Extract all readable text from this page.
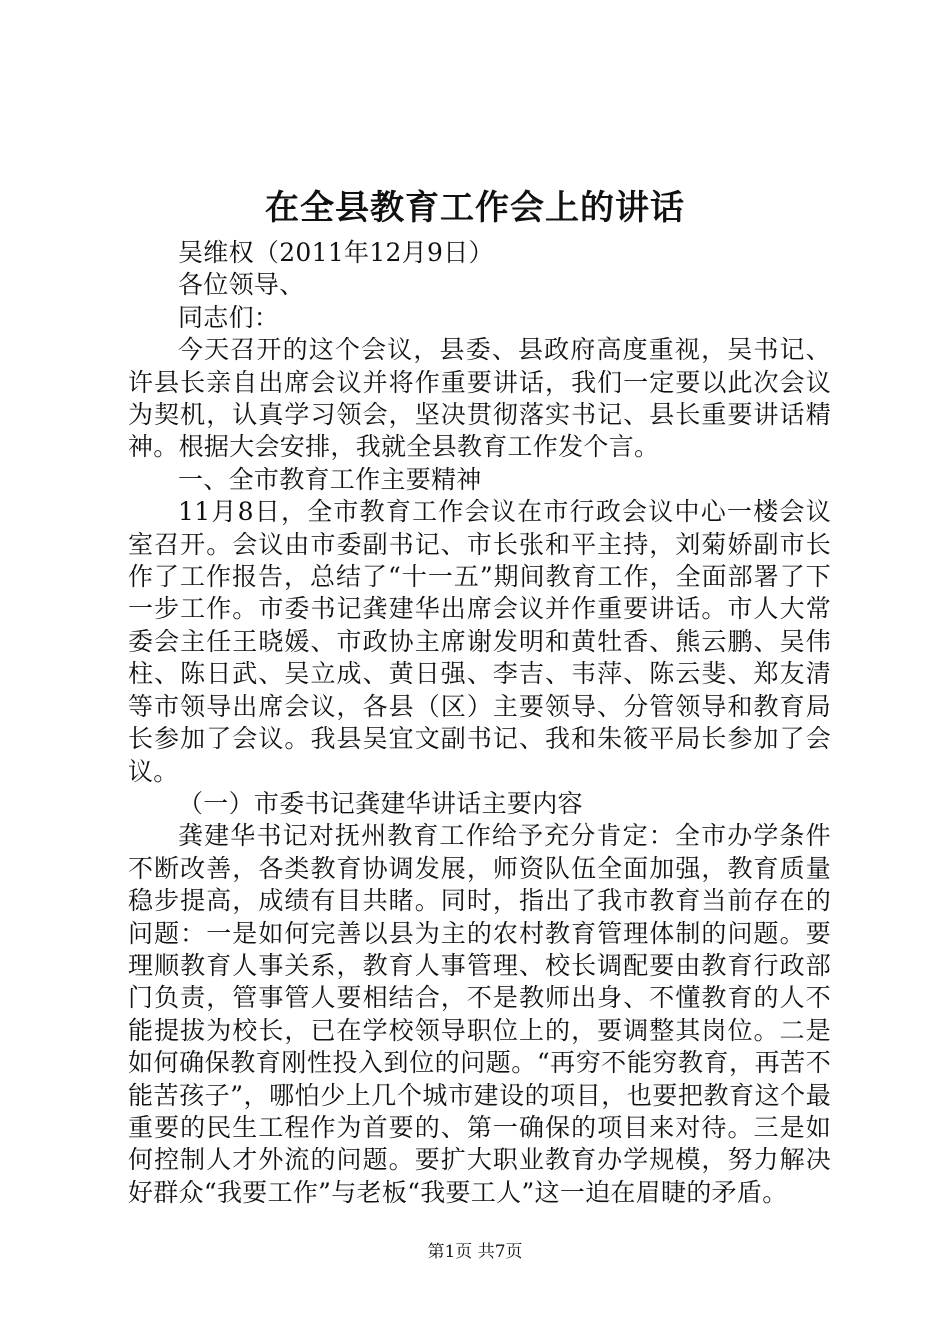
在全县教育工作会上的讲话

吴维权（2011年12月9日）

各位领导、

同志们：

今天召开的这个会议，县委、县政府高度重视，吴书记、许县长亲自出席会议并将作重要讲话，我们一定要以此次会议为契机，认真学习领会，坚决贯彻落实书记、县长重要讲话精神。根据大会安排，我就全县教育工作发个言。

一、全市教育工作主要精神

11月8日，全市教育工作会议在市行政会议中心一楼会议室召开。会议由市委副书记、市长张和平主持，刘菊娇副市长作了工作报告，总结了“十一五”期间教育工作，全面部署了下一步工作。市委书记龚建华出席会议并作重要讲话。市人大常委会主任王晓媛、市政协主席谢发明和黄牡香、熊云鹏、吴伟柱、陈日武、吴立成、黄日强、李吉、韦萍、陈云斐、郑友清等市领导出席会议，各县（区）主要领导、分管领导和教育局长参加了会议。我县吴宜文副书记、我和朱筱平局长参加了会议。

（一）市委书记龚建华讲话主要内容

龚建华书记对抚州教育工作给予充分肯定：全市办学条件不断改善，各类教育协调发展，师资队伍全面加强，教育质量稳步提高，成绩有目共睹。同时，指出了我市教育当前存在的问题：一是如何完善以县为主的农村教育管理体制的问题。要理顺教育人事关系，教育人事管理、校长调配要由教育行政部门负责，管事管人要相结合，不是教师出身、不懂教育的人不能提拔为校长，已在学校领导职位上的，要调整其岗位。二是如何确保教育刚性投入到位的问题。“再穷不能穷教育，再苦不能苦孩子”，哪怕少上几个城市建设的项目，也要把教育这个最重要的民生工程作为首要的、第一确保的项目来对待。三是如何控制人才外流的问题。要扩大职业教育办学规模，努力解决好群众“我要工作”与老板“我要工人”这一迫在眉睫的矛盾。

第1页 共7页
